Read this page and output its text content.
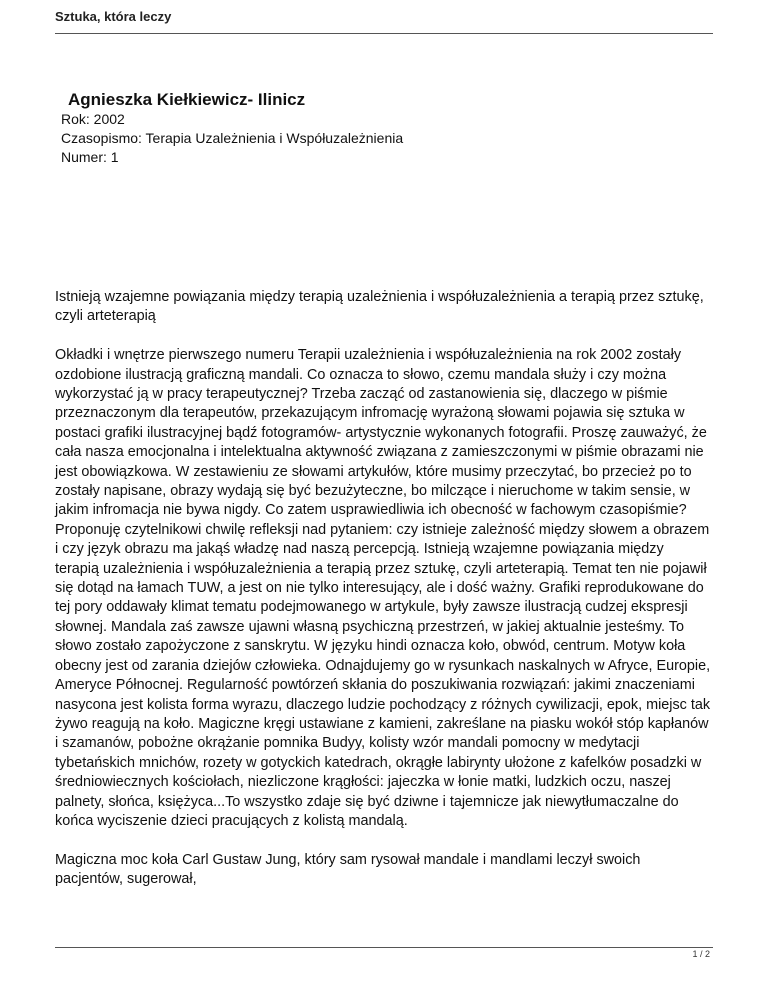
Sztuka, która leczy
Agnieszka Kiełkiewicz- Ilinicz
Rok: 2002
Czasopismo: Terapia Uzależnienia i Współuzależnienia
Numer: 1

Istnieją wzajemne powiązania między terapią uzależnienia i współuzależnienia a terapią przez sztukę, czyli arteterapią

Okładki i wnętrze pierwszego numeru Terapii uzależnienia i współuzależnienia na rok 2002 zostały ozdobione ilustracją graficzną mandali. Co oznacza to słowo, czemu mandala służy i czy można wykorzystać ją w pracy terapeutycznej? Trzeba zacząć od zastanowienia się, dlaczego w piśmie przeznaczonym dla terapeutów, przekazującym infromację wyrażoną słowami pojawia się sztuka w postaci grafiki ilustracyjnej bądź fotogramów- artystycznie wykonanych fotografii. Proszę zauważyć, że cała nasza emocjonalna i intelektualna aktywność związana z zamieszczonymi w piśmie obrazami nie jest obowiązkowa. W zestawieniu ze słowami artykułów, które musimy przeczytać, bo przecież po to zostały napisane, obrazy wydają się być bezużyteczne, bo milczące i nieruchome w takim sensie, w jakim infromacja nie bywa nigdy. Co zatem usprawiedliwia ich obecność w fachowym czasopiśmie? Proponuję czytelnikowi chwilę refleksji nad pytaniem: czy istnieje zależność między słowem a obrazem i czy język obrazu ma jakąś władzę nad naszą percepcją. Istnieją wzajemne powiązania między terapią uzależnienia i współuzależnienia a terapią przez sztukę, czyli arteterapią. Temat ten nie pojawił się dotąd na łamach TUW, a jest on nie tylko interesujący, ale i dość ważny. Grafiki reprodukowane do tej pory oddawały klimat tematu podejmowanego w artykule, były zawsze ilustracją cudzej ekspresji słownej. Mandala zaś zawsze ujawni własną psychiczną przestrzeń, w jakiej aktualnie jesteśmy. To słowo zostało zapożyczone z sanskrytu. W języku hindi oznacza koło, obwód, centrum. Motyw koła obecny jest od zarania dziejów człowieka. Odnajdujemy go w rysunkach naskalnych w Afryce, Europie, Ameryce Północnej. Regularność powtórzeń skłania do poszukiwania rozwiązań: jakimi znaczeniami nasycona jest kolista forma wyrazu, dlaczego ludzie pochodzący z różnych cywilizacji, epok, miejsc tak żywo reagują na koło. Magiczne kręgi ustawiane z kamieni, zakreślane na piasku wokół stóp kapłanów i szamanów, pobożne okrążanie pomnika Budyy, kolisty wzór mandali pomocny w medytacji tybetańskich mnichów, rozety w gotyckich katedrach, okrągłe labirynty ułożone z kafelków posadzki w średniowiecznych kościołach, niezliczone krągłości: jajeczka w łonie matki, ludzkich oczu, naszej palnety, słońca, księżyca...To wszystko zdaje się być dziwne i tajemnicze jak niewytłumaczalne do końca wyciszenie dzieci pracujących z kolistą mandalą.

Magiczna moc koła Carl Gustaw Jung, który sam rysował mandale i mandlami leczył swoich pacjentów, sugerował,

1 / 2
